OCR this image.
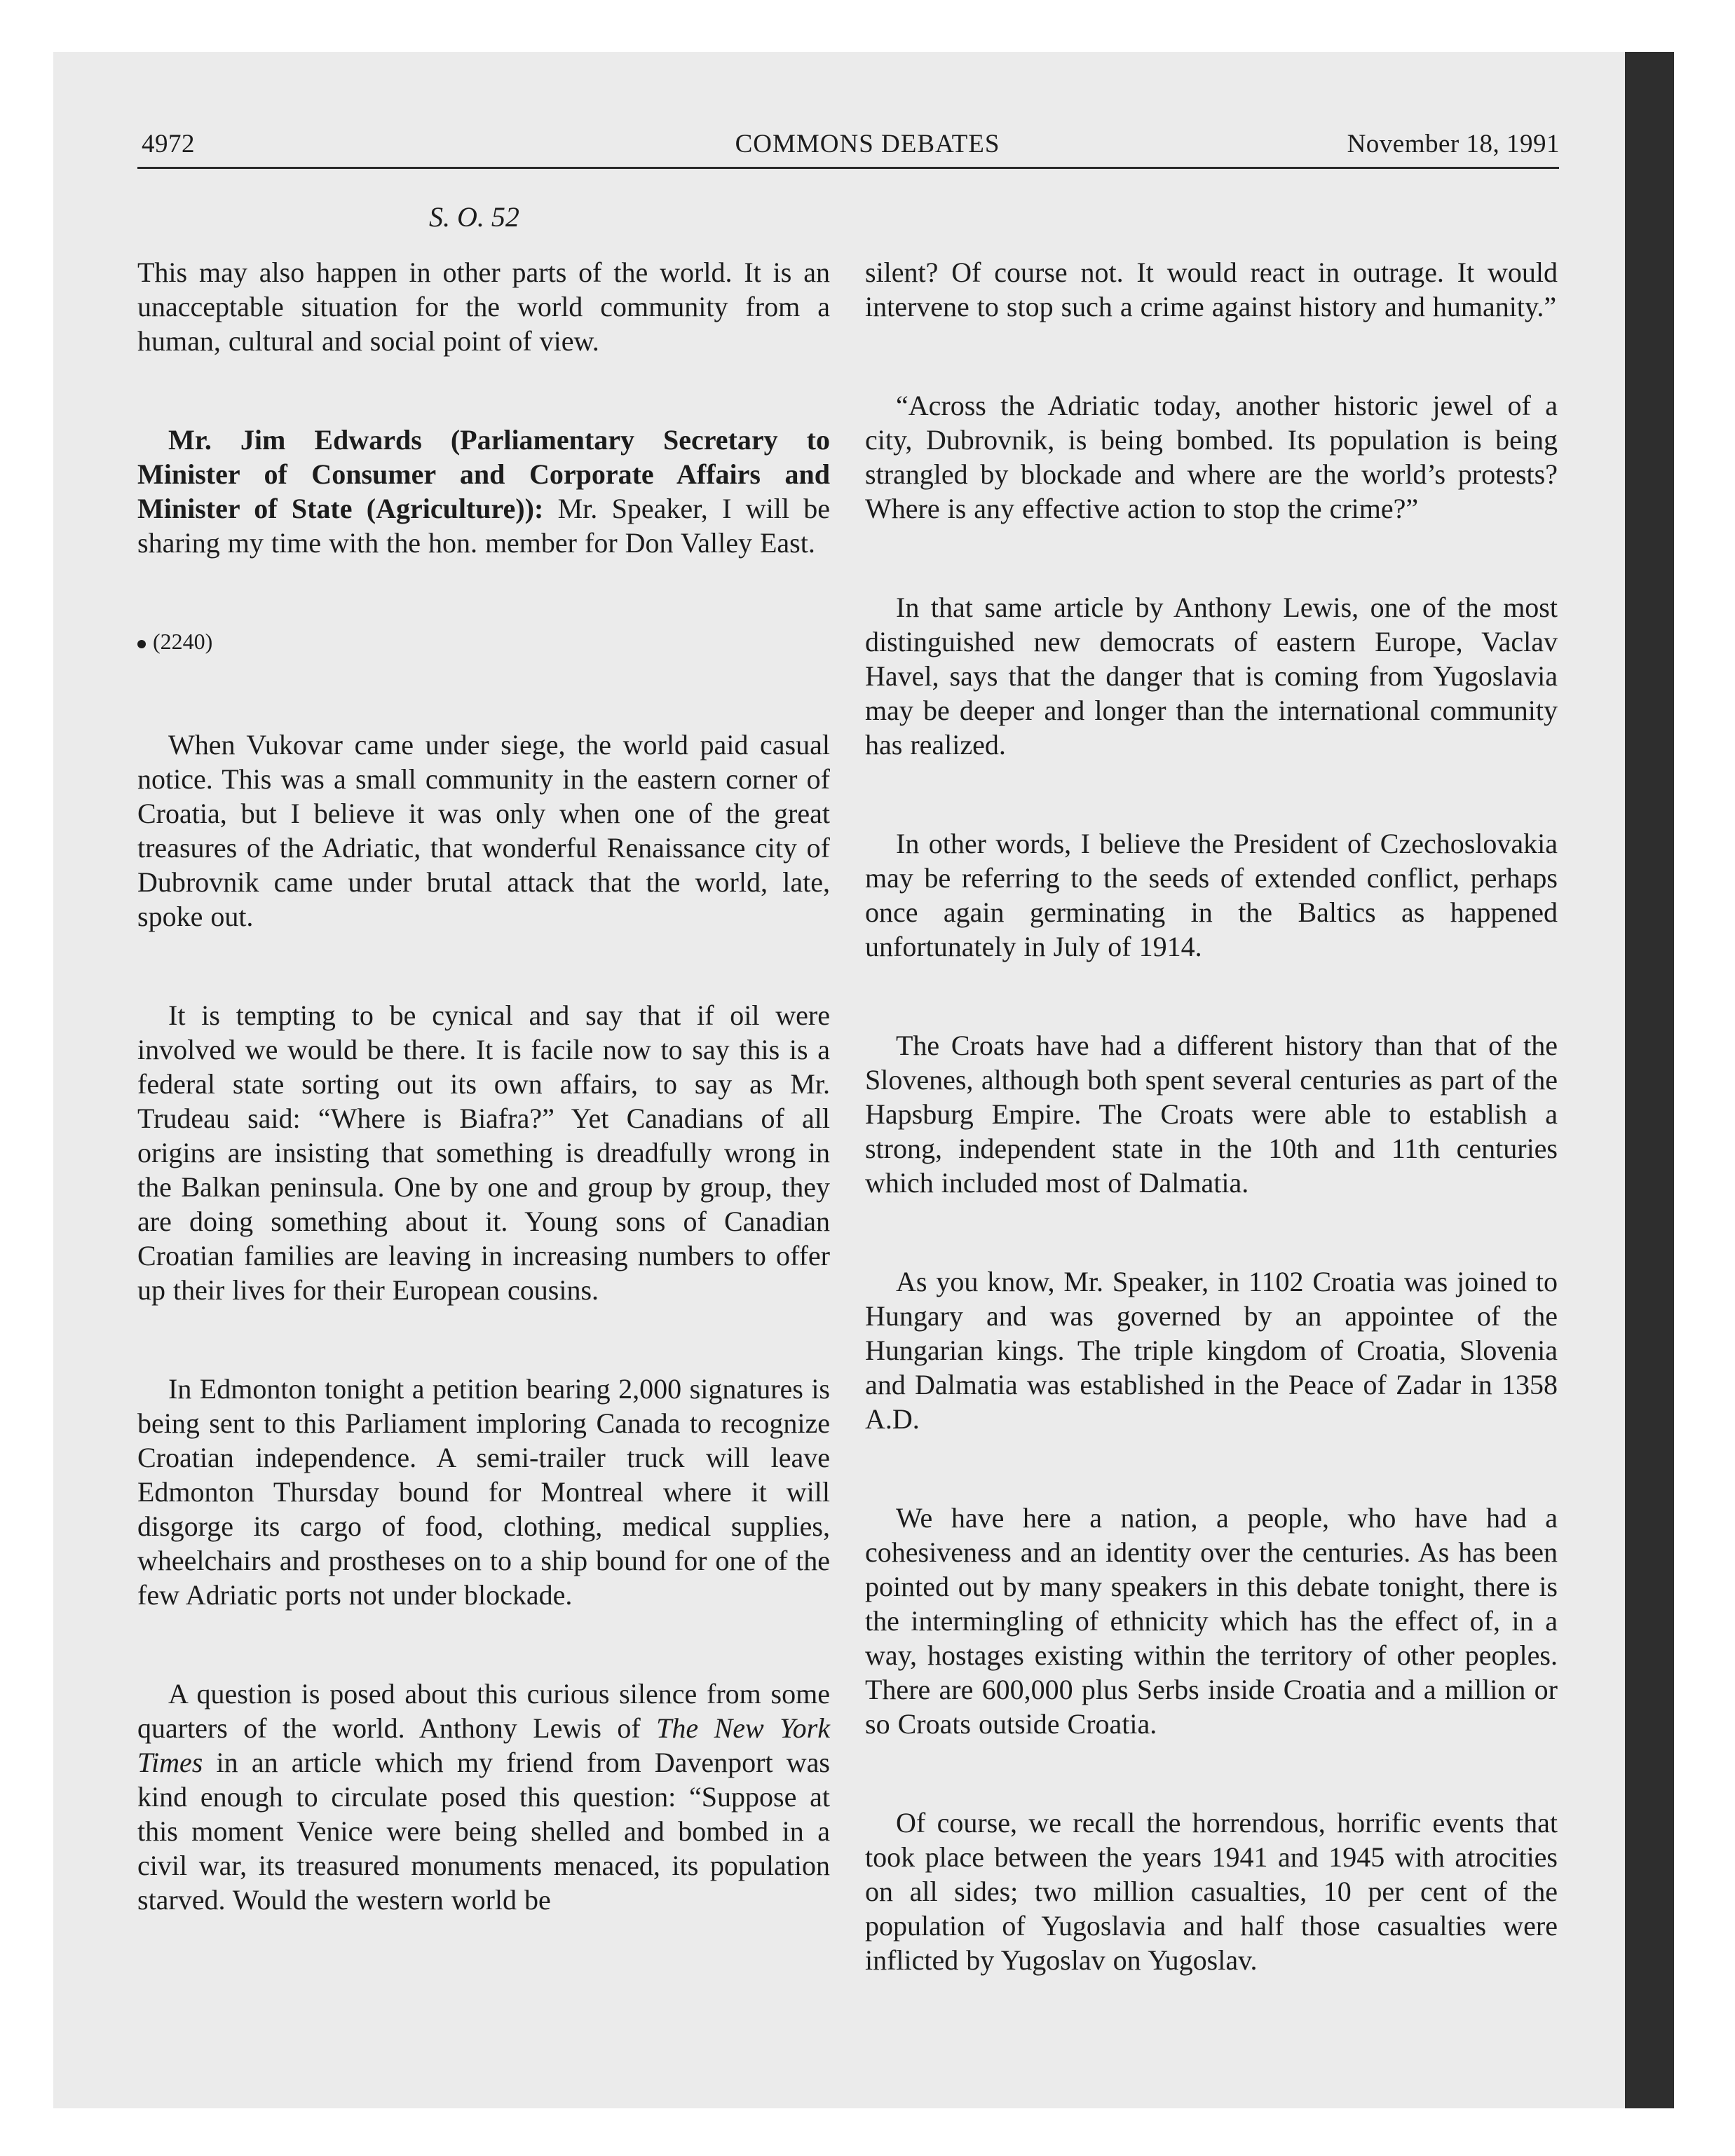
4972	COMMONS DEBATES	November 18, 1991
S. O. 52

This may also happen in other parts of the world. It is an unacceptable situation for the world community from a human, cultural and social point of view.

Mr. Jim Edwards (Parliamentary Secretary to Minister of Consumer and Corporate Affairs and Minister of State (Agriculture)): Mr. Speaker, I will be sharing my time with the hon. member for Don Valley East.

(2240)

When Vukovar came under siege, the world paid casual notice. This was a small community in the eastern corner of Croatia, but I believe it was only when one of the great treasures of the Adriatic, that wonderful Renaissance city of Dubrovnik came under brutal attack that the world, late, spoke out.

It is tempting to be cynical and say that if oil were involved we would be there. It is facile now to say this is a federal state sorting out its own affairs, to say as Mr. Trudeau said: “Where is Biafra?” Yet Canadians of all origins are insisting that something is dreadfully wrong in the Balkan peninsula. One by one and group by group, they are doing something about it. Young sons of Canadian Croatian families are leaving in increasing numbers to offer up their lives for their European cousins.

In Edmonton tonight a petition bearing 2,000 signatures is being sent to this Parliament imploring Canada to recognize Croatian independence. A semi-trailer truck will leave Edmonton Thursday bound for Montreal where it will disgorge its cargo of food, clothing, medical supplies, wheelchairs and prostheses on to a ship bound for one of the few Adriatic ports not under blockade.

A question is posed about this curious silence from some quarters of the world. Anthony Lewis of The New York Times in an article which my friend from Davenport was kind enough to circulate posed this question: “Suppose at this moment Venice were being shelled and bombed in a civil war, its treasured monuments menaced, its population starved. Would the western world be

silent? Of course not. It would react in outrage. It would intervene to stop such a crime against history and humanity.”

“Across the Adriatic today, another historic jewel of a city, Dubrovnik, is being bombed. Its population is being strangled by blockade and where are the world’s protests? Where is any effective action to stop the crime?”

In that same article by Anthony Lewis, one of the most distinguished new democrats of eastern Europe, Vaclav Havel, says that the danger that is coming from Yugoslavia may be deeper and longer than the international community has realized.

In other words, I believe the President of Czechoslovakia may be referring to the seeds of extended conflict, perhaps once again germinating in the Baltics as happened unfortunately in July of 1914.

The Croats have had a different history than that of the Slovenes, although both spent several centuries as part of the Hapsburg Empire. The Croats were able to establish a strong, independent state in the 10th and 11th centuries which included most of Dalmatia.

As you know, Mr. Speaker, in 1102 Croatia was joined to Hungary and was governed by an appointee of the Hungarian kings. The triple kingdom of Croatia, Slovenia and Dalmatia was established in the Peace of Zadar in 1358 A.D.

We have here a nation, a people, who have had a cohesiveness and an identity over the centuries. As has been pointed out by many speakers in this debate tonight, there is the intermingling of ethnicity which has the effect of, in a way, hostages existing within the territory of other peoples. There are 600,000 plus Serbs inside Croatia and a million or so Croats outside Croatia.

Of course, we recall the horrendous, horrific events that took place between the years 1941 and 1945 with atrocities on all sides; two million casualties, 10 per cent of the population of Yugoslavia and half those casualties were inflicted by Yugoslav on Yugoslav.
